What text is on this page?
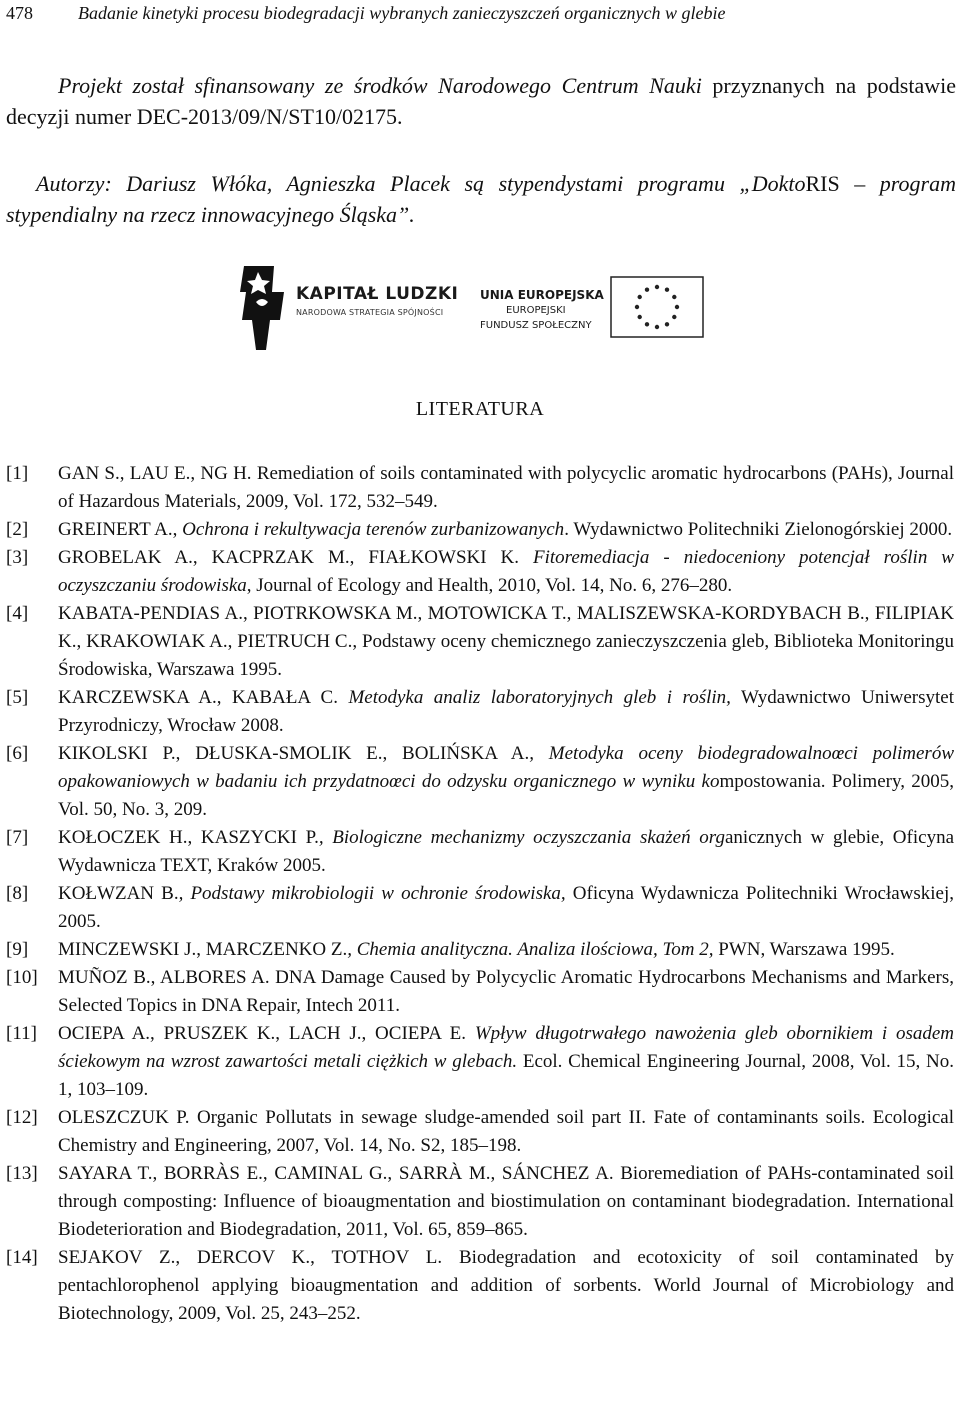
478	Badanie kinetyki procesu biodegradacji wybranych zanieczyszczeń organicznych w glebie

Projekt został sfinansowany ze środków Narodowego Centrum Nauki przyznanych na podstawie decyzji numer DEC-2013/09/N/ST10/02175.

Autorzy: Dariusz Włóka, Agnieszka Placek są stypendystami programu „DoktoRIS – program stypendialny na rzecz innowacyjnego Śląska”.

KAPITAŁ LUDZKI
NARODOWA STRATEGIA SPÓJNOŚCI
UNIA EUROPEJSKA
EUROPEJSKI
FUNDUSZ SPOŁECZNY
LITERATURA
[1] GAN S., LAU E., NG H. Remediation of soils contaminated with polycyclic aromatic hydrocarbons (PAHs), Journal of Hazardous Materials, 2009, Vol. 172, 532–549.
[2] GREINERT A., Ochrona i rekultywacja terenów zurbanizowanych. Wydawnictwo Politechniki Zielonogórskiej 2000.
[3] GROBELAK A., KACPRZAK M., FIAŁKOWSKI K. Fitoremediacja - niedoceniony potencjał roślin w oczyszczaniu środowiska, Journal of Ecology and Health, 2010, Vol. 14, No. 6, 276–280.
[4] KABATA-PENDIAS A., PIOTRKOWSKA M., MOTOWICKA T., MALISZEWSKA-KORDYBACH B., FILIPIAK K., KRAKOWIAK A., PIETRUCH C., Podstawy oceny chemicznego zanieczyszczenia gleb, Biblioteka Monitoringu Środowiska, Warszawa 1995.
[5] KARCZEWSKA A., KABAŁA C. Metodyka analiz laboratoryjnych gleb i roślin, Wydawnictwo Uniwersytet Przyrodniczy, Wrocław 2008.
[6] KIKOLSKI P., DŁUSKA-SMOLIK E., BOLIŃSKA A., Metodyka oceny biodegradowalnoœci polimerów opakowaniowych w badaniu ich przydatnoœci do odzysku organicznego w wyniku kompostowania. Polimery, 2005, Vol. 50, No. 3, 209.
[7] KOŁOCZEK H., KASZYCKI P., Biologiczne mechanizmy oczyszczania skażeń organicznych w glebie, Oficyna Wydawnicza TEXT, Kraków 2005.
[8] KOŁWZAN B., Podstawy mikrobiologii w ochronie środowiska, Oficyna Wydawnicza Politechniki Wrocławskiej, 2005.
[9] MINCZEWSKI J., MARCZENKO Z., Chemia analityczna. Analiza ilościowa, Tom 2, PWN, Warszawa 1995.
[10] MUÑOZ B., ALBORES A. DNA Damage Caused by Polycyclic Aromatic Hydrocarbons Mechanisms and Markers, Selected Topics in DNA Repair, Intech 2011.
[11] OCIEPA A., PRUSZEK K., LACH J., OCIEPA E. Wpływ długotrwałego nawożenia gleb obornikiem i osadem ściekowym na wzrost zawartości metali ciężkich w glebach. Ecol. Chemical Engineering Journal, 2008, Vol. 15, No. 1, 103–109.
[12] OLESZCZUK P. Organic Pollutats in sewage sludge-amended soil part II. Fate of contaminants soils. Ecological Chemistry and Engineering, 2007, Vol. 14, No. S2, 185–198.
[13] SAYARA T., BORRÀS E., CAMINAL G., SARRÀ M., SÁNCHEZ A. Bioremediation of PAHs-contaminated soil through composting: Influence of bioaugmentation and biostimulation on contaminant biodegradation. International Biodeterioration and Biodegradation, 2011, Vol. 65, 859–865.
[14] SEJAKOV Z., DERCOV K., TOTHOV L. Biodegradation and ecotoxicity of soil contaminated by pentachlorophenol applying bioaugmentation and addition of sorbents. World Journal of Microbiology and Biotechnology, 2009, Vol. 25, 243–252.
